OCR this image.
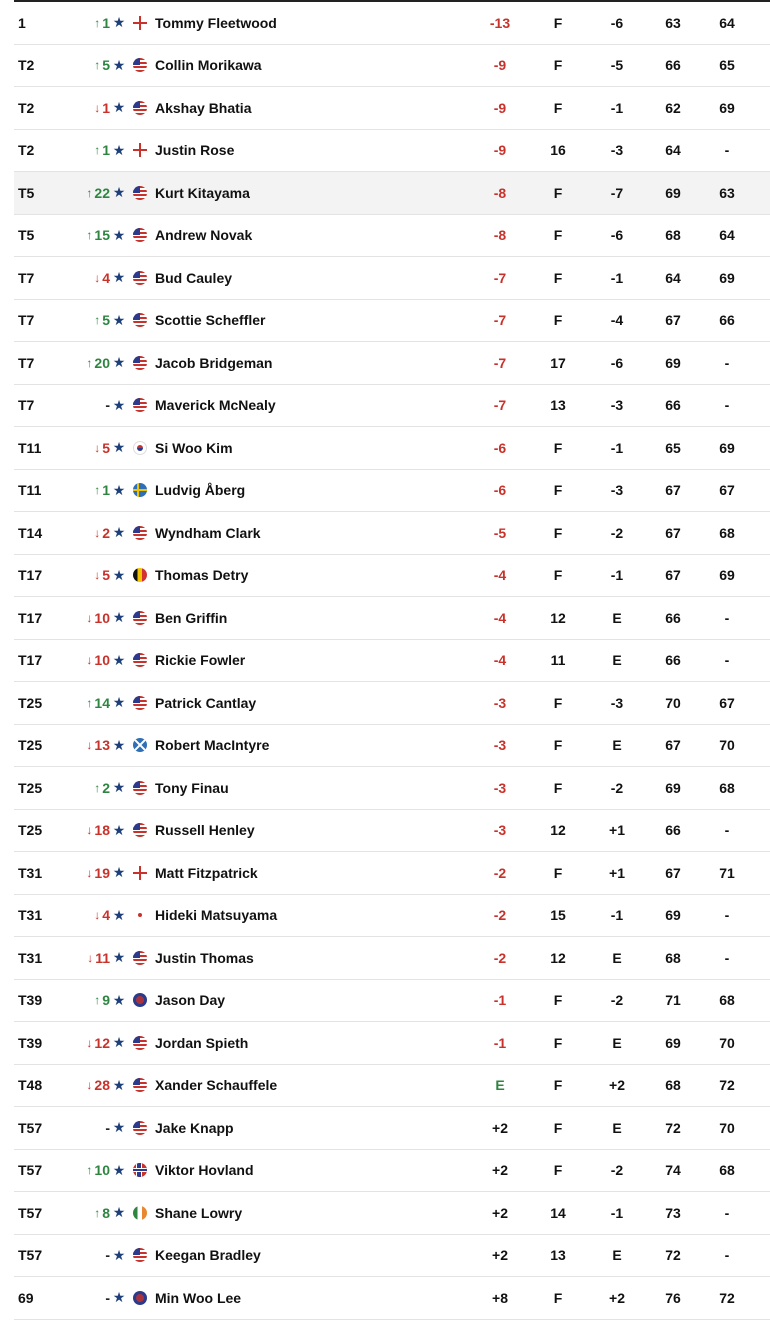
1	↑ 1 ★ Tommy Fleetwood	-13	F	-6	63	64
T2	↑ 5 ★ Collin Morikawa	-9	F	-5	66	65
T2	↓ 1 ★ Akshay Bhatia	-9	F	-1	62	69
T2	↑ 1 ★ Justin Rose	-9	16	-3	64	-
T5	↑ 22 ★ Kurt Kitayama	-8	F	-7	69	63
T5	↑ 15 ★ Andrew Novak	-8	F	-6	68	64
T7	↓ 4 ★ Bud Cauley	-7	F	-1	64	69
T7	↑ 5 ★ Scottie Scheffler	-7	F	-4	67	66
T7	↑ 20 ★ Jacob Bridgeman	-7	17	-6	69	-
T7	- ★ Maverick McNealy	-7	13	-3	66	-
T11	↓ 5 ★ Si Woo Kim	-6	F	-1	65	69
T11	↑ 1 ★ Ludvig Åberg	-6	F	-3	67	67
T14	↓ 2 ★ Wyndham Clark	-5	F	-2	67	68
T17	↓ 5 ★ Thomas Detry	-4	F	-1	67	69
T17	↓ 10 ★ Ben Griffin	-4	12	E	66	-
T17	↓ 10 ★ Rickie Fowler	-4	11	E	66	-
T25	↑ 14 ★ Patrick Cantlay	-3	F	-3	70	67
T25	↓ 13 ★ Robert MacIntyre	-3	F	E	67	70
T25	↑ 2 ★ Tony Finau	-3	F	-2	69	68
T25	↓ 18 ★ Russell Henley	-3	12	+1	66	-
T31	↓ 19 ★ Matt Fitzpatrick	-2	F	+1	67	71
T31	↓ 4 ★ Hideki Matsuyama	-2	15	-1	69	-
T31	↓ 11 ★ Justin Thomas	-2	12	E	68	-
T39	↑ 9 ★ Jason Day	-1	F	-2	71	68
T39	↓ 12 ★ Jordan Spieth	-1	F	E	69	70
T48	↓ 28 ★ Xander Schauffele	E	F	+2	68	72
T57	- ★ Jake Knapp	+2	F	E	72	70
T57	↑ 10 ★ Viktor Hovland	+2	F	-2	74	68
T57	↑ 8 ★ Shane Lowry	+2	14	-1	73	-
T57	- ★ Keegan Bradley	+2	13	E	72	-
69	- ★ Min Woo Lee	+8	F	+2	76	72
